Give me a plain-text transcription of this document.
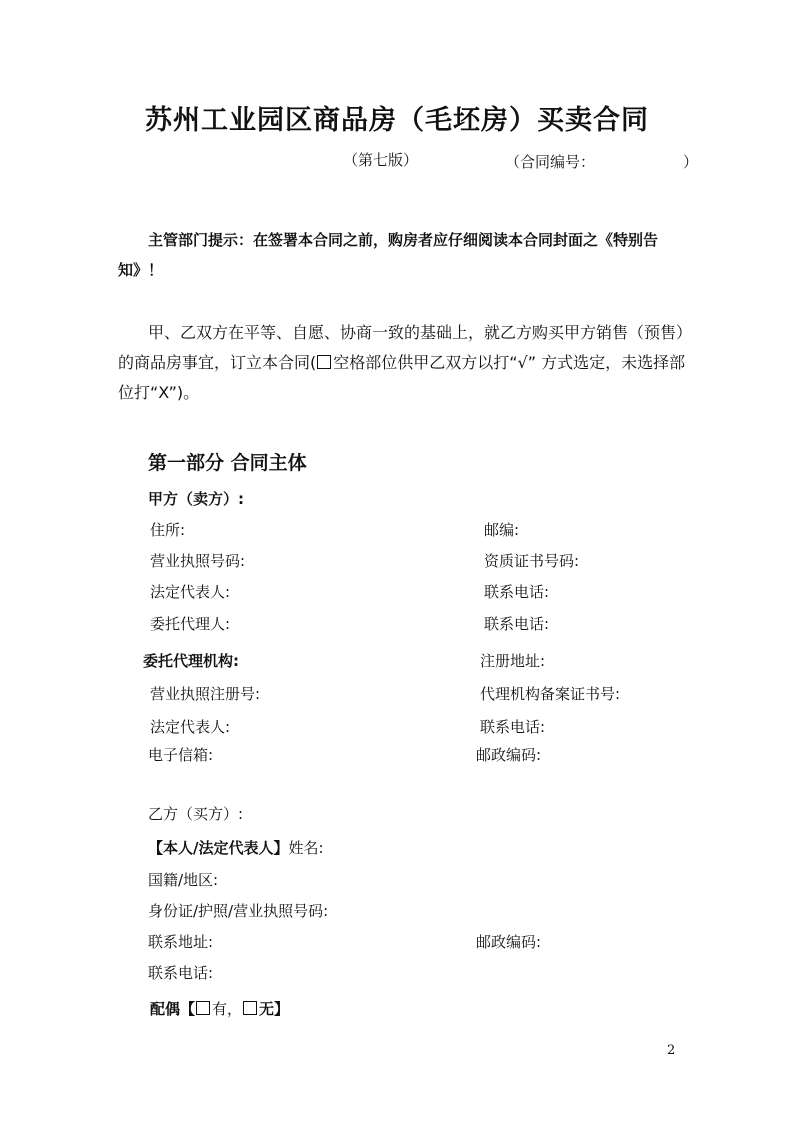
苏州工业园区商品房（毛坯房）买卖合同
（第七版）	（合同编号：	）
主管部门提示：在签署本合同之前，购房者应仔细阅读本合同封面之《特别告知》！
甲、乙双方在平等、自愿、协商一致的基础上，就乙方购买甲方销售（预售）的商品房事宜，订立本合同( 空格部位供甲乙双方以打“√” 方式选定，未选择部位打“X”)。
第一部分 合同主体
甲方（卖方）:
住所:	邮编:
营业执照号码:	资质证书号码:
法定代表人:	联系电话:
委托代理人:	联系电话:
委托代理机构:	注册地址:
营业执照注册号:	代理机构备案证书号:
法定代表人:	联系电话:
电子信箱:	邮政编码:
乙方（买方）:
【本人/法定代表人】姓名:
国籍/地区:
身份证/护照/营业执照号码:
联系地址:	邮政编码:
联系电话:
配偶【 有， 无】
2
